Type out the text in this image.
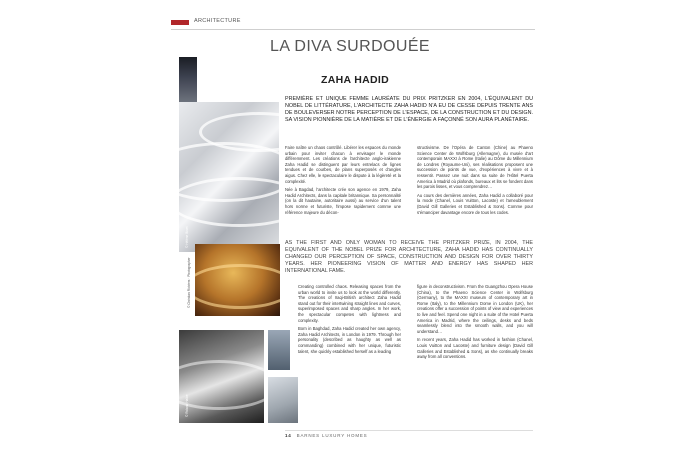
ARCHITECTURE
LA DIVA SURDOUÉE
ZAHA HADID
© Hélène Binet
© Christian Richters · Photographer
© Roland Halbe

PREMIÈRE ET UNIQUE FEMME LAURÉATE DU PRIX PRITZKER EN 2004, L'ÉQUIVALENT DU NOBEL DE LITTÉRATURE, L'ARCHITECTE ZAHA HADID N'A EU DE CESSE DEPUIS TRENTE ANS DE BOULEVERSER NOTRE PERCEPTION DE L'ESPACE, DE LA CONSTRUCTION ET DU DESIGN. SA VISION PIONNIÈRE DE LA MATIÈRE ET DE L'ÉNERGIE A FAÇONNÉ SON AURA PLANÉTAIRE.

Faire naître un chaos contrôlé. Libérer les espaces du monde urbain pour inviter chacun à envisager le monde différemment. Les créations de l'architecte anglo-irakienne Zaha Hadid se distinguent par leurs entrelacs de lignes tendues et de courbes, de plans superposés et d'angles aigus. Chez elle, le spectaculaire le dispute à la légèreté et la complexité.

Née à Bagdad, l'architecte crée son agence en 1979, Zaha Hadid Architects, dans la capitale britannique. Sa personnalité (on la dit hautaine, autoritaire aussi) au service d'un talent hors norme et futuriste, l'impose rapidement comme une référence majeure du décon-

structivisme. De l'Opéra de Canton (Chine) au Phaeno Science Center de Wolfsburg (Allemagne), du musée d'art contemporain MAXXI à Rome (Italie) au Dôme du Millennium de Londres (Royaume-Uni), ses réalisations proposent une succession de points de vue, d'expériences à vivre et à ressentir. Passez une nuit dans sa suite de l'Hôtel Puerta America à Madrid où plafonds, bureaux et lits se fondent dans les parois lisses, et vous comprendrez…

Au cours des dernières années, Zaha Hadid a collaboré pour la mode (Chanel, Louis Vuitton, Lacoste) et l'ameublement (David Gill Galleries et Established & Sons). Comme pour s'émanciper davantage encore de tous les codes.

AS THE FIRST AND ONLY WOMAN TO RECEIVE THE PRITZKER PRIZE, IN 2004, THE EQUIVALENT OF THE NOBEL PRIZE FOR ARCHITECTURE, ZAHA HADID HAS CONTINUALLY CHANGED OUR PERCEPTION OF SPACE, CONSTRUCTION AND DESIGN FOR OVER THIRTY YEARS. HER PIONEERING VISION OF MATTER AND ENERGY HAS SHAPED HER INTERNATIONAL FAME.

Creating controlled chaos. Releasing spaces from the urban world to invite us to look at the world differently. The creations of Iraqi-British architect Zaha Hadid stand out for their intertwining straight lines and curves, superimposed spaces and sharp angles. In her work, the spectacular competes with lightness and complexity.

Born in Baghdad, Zaha Hadid created her own agency, Zaha Hadid Architects, in London in 1979. Through her personality (described as haughty as well as commanding) combined with her unique, futuristic talent, she quickly established herself as a leading

figure in deconstructivism. From the Guangzhou Opera House (China), to the Phaeno Science Center in Wolfsburg (Germany), to the MAXXI museum of contemporary art in Rome (Italy), to the Millennium Dome in London (UK), her creations offer a succession of points of view and experiences to live and feel. Spend one night in a suite of the Hotel Puerta America in Madrid, where the ceilings, desks and beds seamlessly blend into the smooth walls, and you will understand…

In recent years, Zaha Hadid has worked in fashion (Chanel, Louis Vuitton and Lacoste) and furniture design (David Gill Galleries and Established & Sons), as she continually breaks away from all conventions.

14 BARNES LUXURY HOMES
